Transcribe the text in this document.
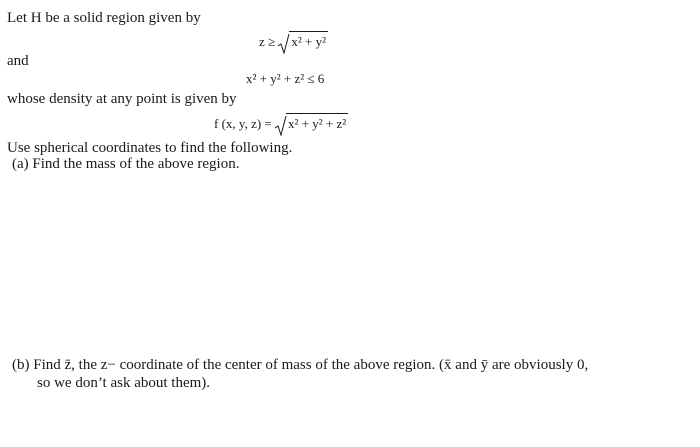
Let H be a solid region given by
z ≥ x² + y²
and
x² + y² + z² ≤ 6
whose density at any point is given by
f (x, y, z) = x² + y² + z²
Use spherical coordinates to find the following.
(a) Find the mass of the above region.
(b) Find z̄, the z− coordinate of the center of mass of the above region. (x̄ and ȳ are obviously 0,
so we don’t ask about them).
